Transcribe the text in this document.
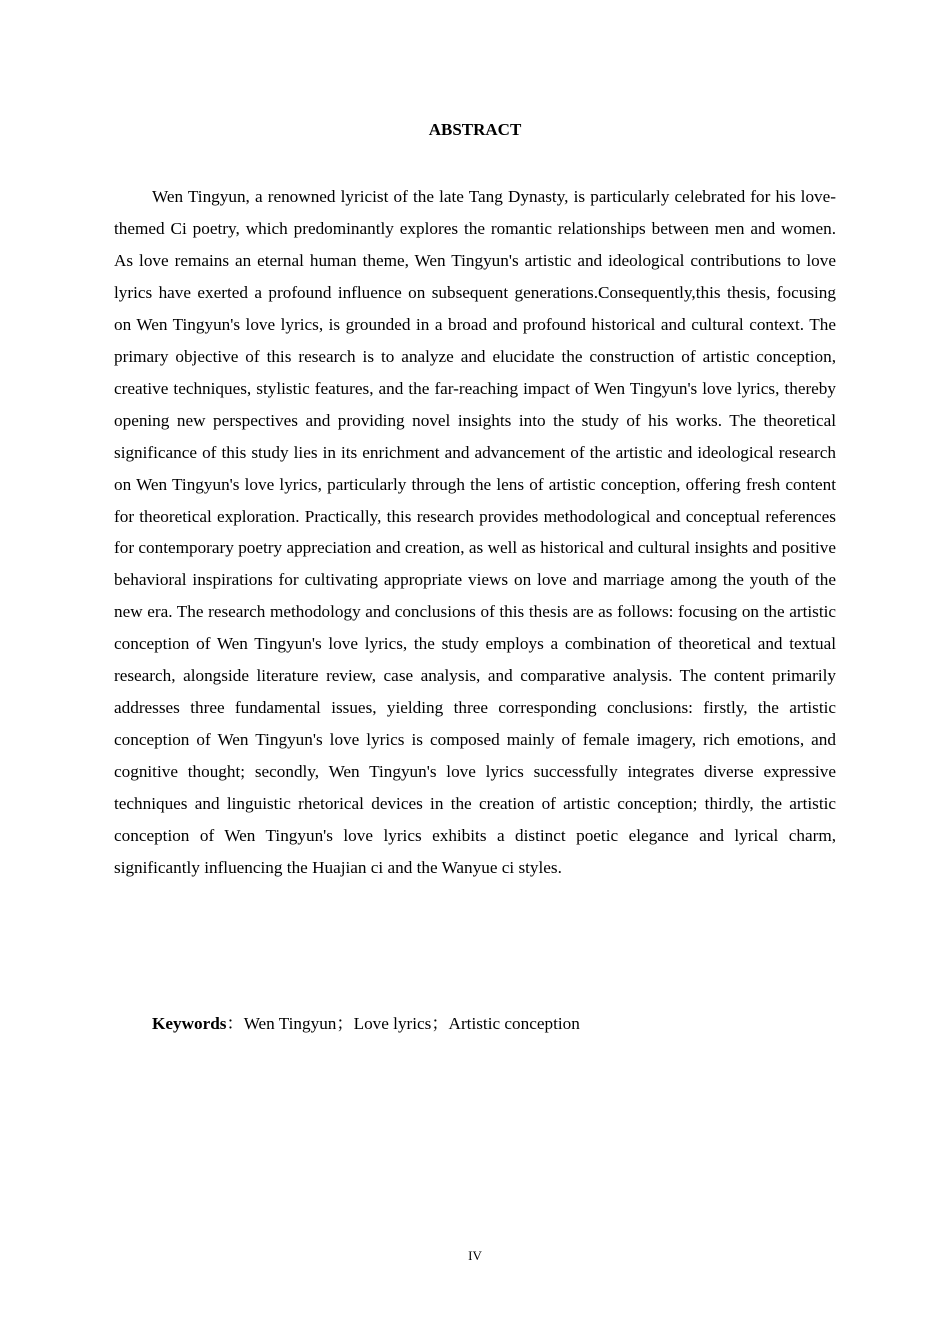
ABSTRACT

Wen Tingyun, a renowned lyricist of the late Tang Dynasty, is particularly celebrated for his love-themed Ci poetry, which predominantly explores the romantic relationships between men and women. As love remains an eternal human theme, Wen Tingyun's artistic and ideological contributions to love lyrics have exerted a profound influence on subsequent generations.Consequently,this thesis, focusing on Wen Tingyun's love lyrics, is grounded in a broad and profound historical and cultural context. The primary objective of this research is to analyze and elucidate the construction of artistic conception, creative techniques, stylistic features, and the far-reaching impact of Wen Tingyun's love lyrics, thereby opening new perspectives and providing novel insights into the study of his works. The theoretical significance of this study lies in its enrichment and advancement of the artistic and ideological research on Wen Tingyun's love lyrics, particularly through the lens of artistic conception, offering fresh content for theoretical exploration. Practically, this research provides methodological and conceptual references for contemporary poetry appreciation and creation, as well as historical and cultural insights and positive behavioral inspirations for cultivating appropriate views on love and marriage among the youth of the new era. The research methodology and conclusions of this thesis are as follows: focusing on the artistic conception of Wen Tingyun's love lyrics, the study employs a combination of theoretical and textual research, alongside literature review, case analysis, and comparative analysis. The content primarily addresses three fundamental issues, yielding three corresponding conclusions: firstly, the artistic conception of Wen Tingyun's love lyrics is composed mainly of female imagery, rich emotions, and cognitive thought; secondly, Wen Tingyun's love lyrics successfully integrates diverse expressive techniques and linguistic rhetorical devices in the creation of artistic conception; thirdly, the artistic conception of Wen Tingyun's love lyrics exhibits a distinct poetic elegance and lyrical charm, significantly influencing the Huajian ci and the Wanyue ci styles.

Keywords：Wen Tingyun；Love lyrics；Artistic conception
IV
